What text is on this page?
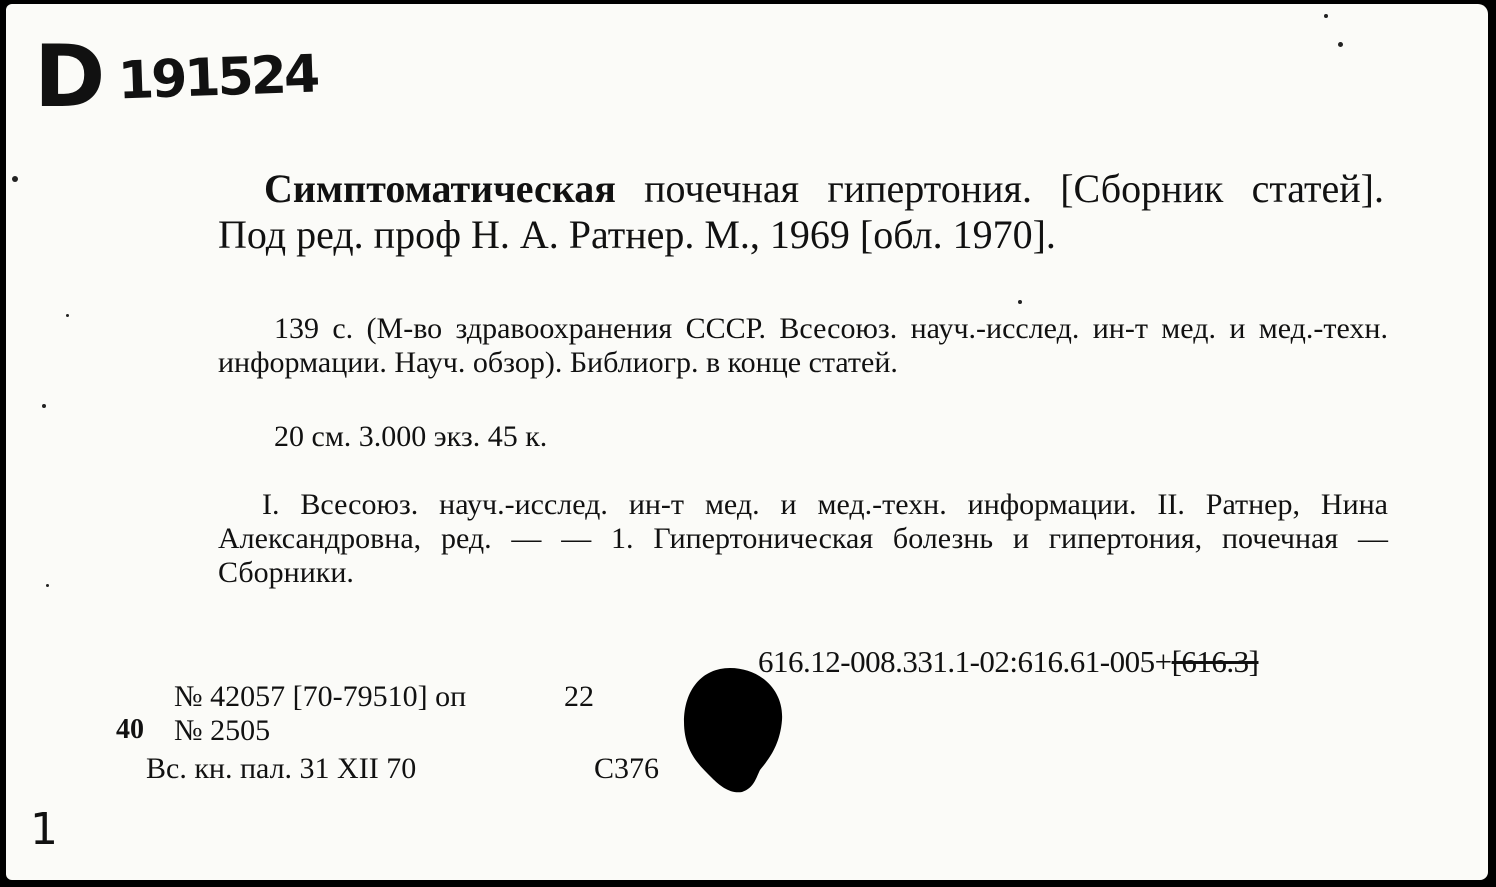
D 191524
Симптоматическая почечная гипертония. [Сборник статей]. Под ред. проф Н. А. Ратнер. М., 1969 [обл. 1970].
139 с. (М-во здравоохранения СССР. Всесоюз. науч.-исслед. ин-т мед. и мед.-техн. информации. Науч. обзор). Библиогр. в конце статей.
20 см. 3.000 экз. 45 к.
I. Всесоюз. науч.-исслед. ин-т мед. и мед.-техн. информации. II. Ратнер, Нина Александровна, ред. — — 1. Гипертоническая болезнь и гипертония, почечная — Сборники.
616.12-008.331.1-02:616.61-005+[616.3]
№ 42057 [70-79510] оп	22
40 № 2505
Вс. кн. пал. 31 XII 70	С376
1
